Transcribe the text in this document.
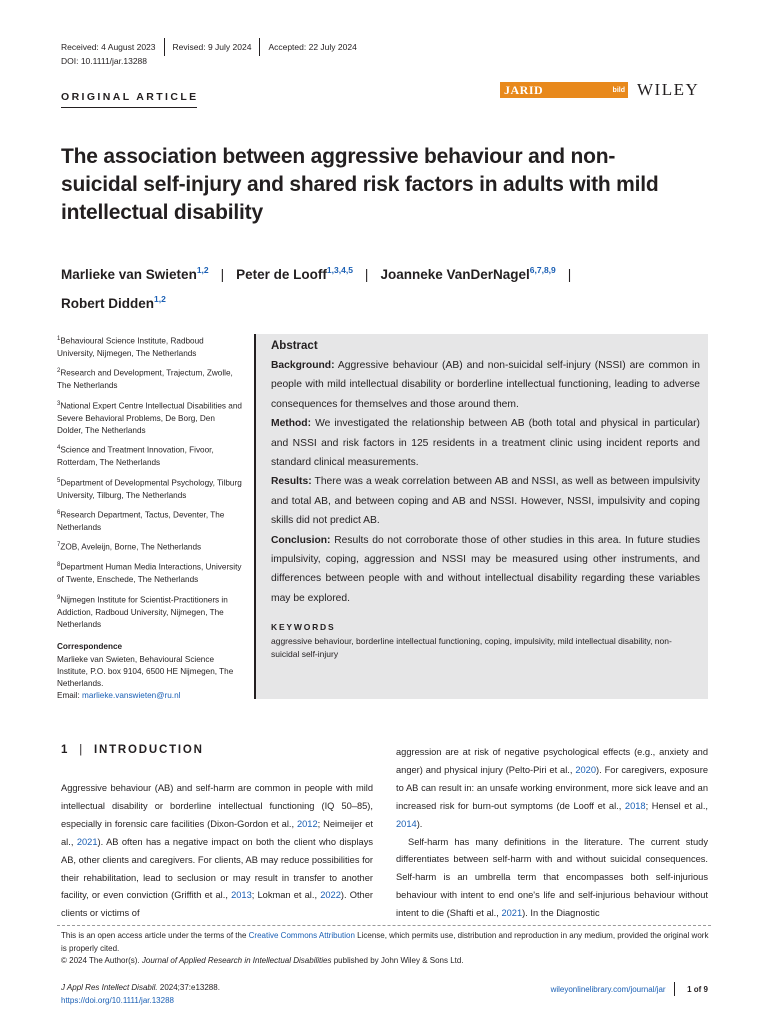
Received: 4 August 2023 Revised: 9 July 2024 Accepted: 22 July 2024
DOI: 10.1111/jar.13288
ORIGINAL ARTICLE
JARID	bild WILEY
The association between aggressive behaviour and non-suicidal self-injury and shared risk factors in adults with mild intellectual disability
Marlieke van Swieten$^{1,2}$ | Peter de Looff$^{1,3,4,5}$ | Joanneke VanDerNagel$^{6,7,8,9}$ |
Robert Didden$^{1,2}$

$^1$Behavioural Science Institute, Radboud University, Nijmegen, The Netherlands

$^2$Research and Development, Trajectum, Zwolle, The Netherlands

$^3$National Expert Centre Intellectual Disabilities and Severe Behavioral Problems, De Borg, Den Dolder, The Netherlands

$^4$Science and Treatment Innovation, Fivoor, Rotterdam, The Netherlands

$^5$Department of Developmental Psychology, Tilburg University, Tilburg, The Netherlands

$^6$Research Department, Tactus, Deventer, The Netherlands

$^7$ZOB, Aveleijn, Borne, The Netherlands

$^8$Department Human Media Interactions, University of Twente, Enschede, The Netherlands

$^9$Nijmegen Institute for Scientist-Practitioners in Addiction, Radboud University, Nijmegen, The Netherlands

Correspondence

Marlieke van Swieten, Behavioural Science Institute, P.O. box 9104, 6500 HE Nijmegen, The Netherlands.
Email: marlieke.vanswieten@ru.nl

Abstract

Background: Aggressive behaviour (AB) and non-suicidal self-injury (NSSI) are common in people with mild intellectual disability or borderline intellectual functioning, leading to adverse consequences for themselves and those around them.

Method: We investigated the relationship between AB (both total and physical in particular) and NSSI and risk factors in 125 residents in a treatment clinic using incident reports and standard clinical measurements.

Results: There was a weak correlation between AB and NSSI, as well as between impulsivity and total AB, and between coping and AB and NSSI. However, NSSI, impulsivity and coping skills did not predict AB.

Conclusion: Results do not corroborate those of other studies in this area. In future studies impulsivity, coping, aggression and NSSI may be measured using other instruments, and differences between people with and without intellectual disability regarding these variables may be explored.

KEYWORDS
aggressive behaviour, borderline intellectual functioning, coping, impulsivity, mild intellectual disability, non-suicidal self-injury
1 | INTRODUCTION

Aggressive behaviour (AB) and self-harm are common in people with mild intellectual disability or borderline intellectual functioning (IQ 50–85), especially in forensic care facilities (Dixon-Gordon et al., 2012; Neimeijer et al., 2021). AB often has a negative impact on both the client who displays AB, other clients and caregivers. For clients, AB may reduce possibilities for their rehabilitation, lead to seclusion or may result in transfer to another facility, or even conviction (Griffith et al., 2013; Lokman et al., 2022). Other clients or victims of

aggression are at risk of negative psychological effects (e.g., anxiety and anger) and physical injury (Pelto-Piri et al., 2020). For caregivers, exposure to AB can result in: an unsafe working environment, more sick leave and an increased risk for burn-out symptoms (de Looff et al., 2018; Hensel et al., 2014).

Self-harm has many definitions in the literature. The current study differentiates between self-harm with and without suicidal consequences. Self-harm is an umbrella term that encompasses both self-injurious behaviour with intent to end one's life and self-injurious behaviour without intent to die (Shafti et al., 2021). In the Diagnostic

This is an open access article under the terms of the Creative Commons Attribution License, which permits use, distribution and reproduction in any medium, provided the original work is properly cited.

© 2024 The Author(s). Journal of Applied Research in Intellectual Disabilities published by John Wiley & Sons Ltd.

J Appl Res Intellect Disabil. 2024;37:e13288.
https://doi.org/10.1111/jar.13288
wileyonlinelibrary.com/journal/jar	1 of 9
